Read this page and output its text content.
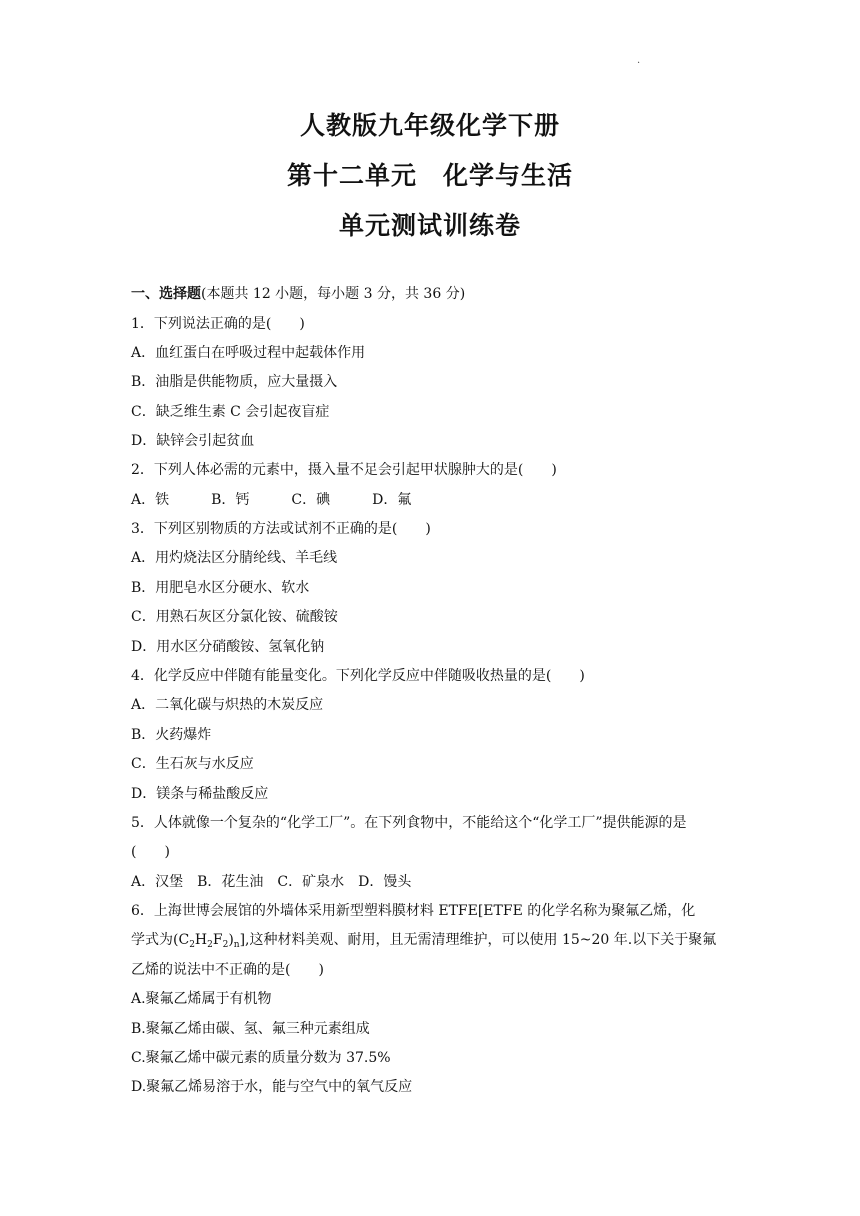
·
人教版九年级化学下册
第十二单元　化学与生活
单元测试训练卷
一、选择题(本题共 12 小题，每小题 3 分，共 36 分)
1．下列说法正确的是(　　)
A．血红蛋白在呼吸过程中起载体作用
B．油脂是供能物质，应大量摄入
C．缺乏维生素 C 会引起夜盲症
D．缺锌会引起贫血
2．下列人体必需的元素中，摄入量不足会引起甲状腺肿大的是(　　)
A．铁　　　B．钙　　　C．碘　　　D．氟
3．下列区别物质的方法或试剂不正确的是(　　)
A．用灼烧法区分腈纶线、羊毛线
B．用肥皂水区分硬水、软水
C．用熟石灰区分氯化铵、硫酸铵
D．用水区分硝酸铵、氢氧化钠
4．化学反应中伴随有能量变化。下列化学反应中伴随吸收热量的是(　　)
A．二氧化碳与炽热的木炭反应
B．火药爆炸
C．生石灰与水反应
D．镁条与稀盐酸反应
5．人体就像一个复杂的“化学工厂”。在下列食物中，不能给这个“化学工厂”提供能源的是
(　　)
A．汉堡　B．花生油　C．矿泉水　D．馒头
6．上海世博会展馆的外墙体采用新型塑料膜材料 ETFE[ETFE 的化学名称为聚氟乙烯，化
学式为$(C_2H_2F_2)_n$],这种材料美观、耐用，且无需清理维护，可以使用 15~20 年.以下关于聚氟
乙烯的说法中不正确的是(　　)
A.聚氟乙烯属于有机物
B.聚氟乙烯由碳、氢、氟三种元素组成
C.聚氟乙烯中碳元素的质量分数为 37.5%
D.聚氟乙烯易溶于水，能与空气中的氧气反应
